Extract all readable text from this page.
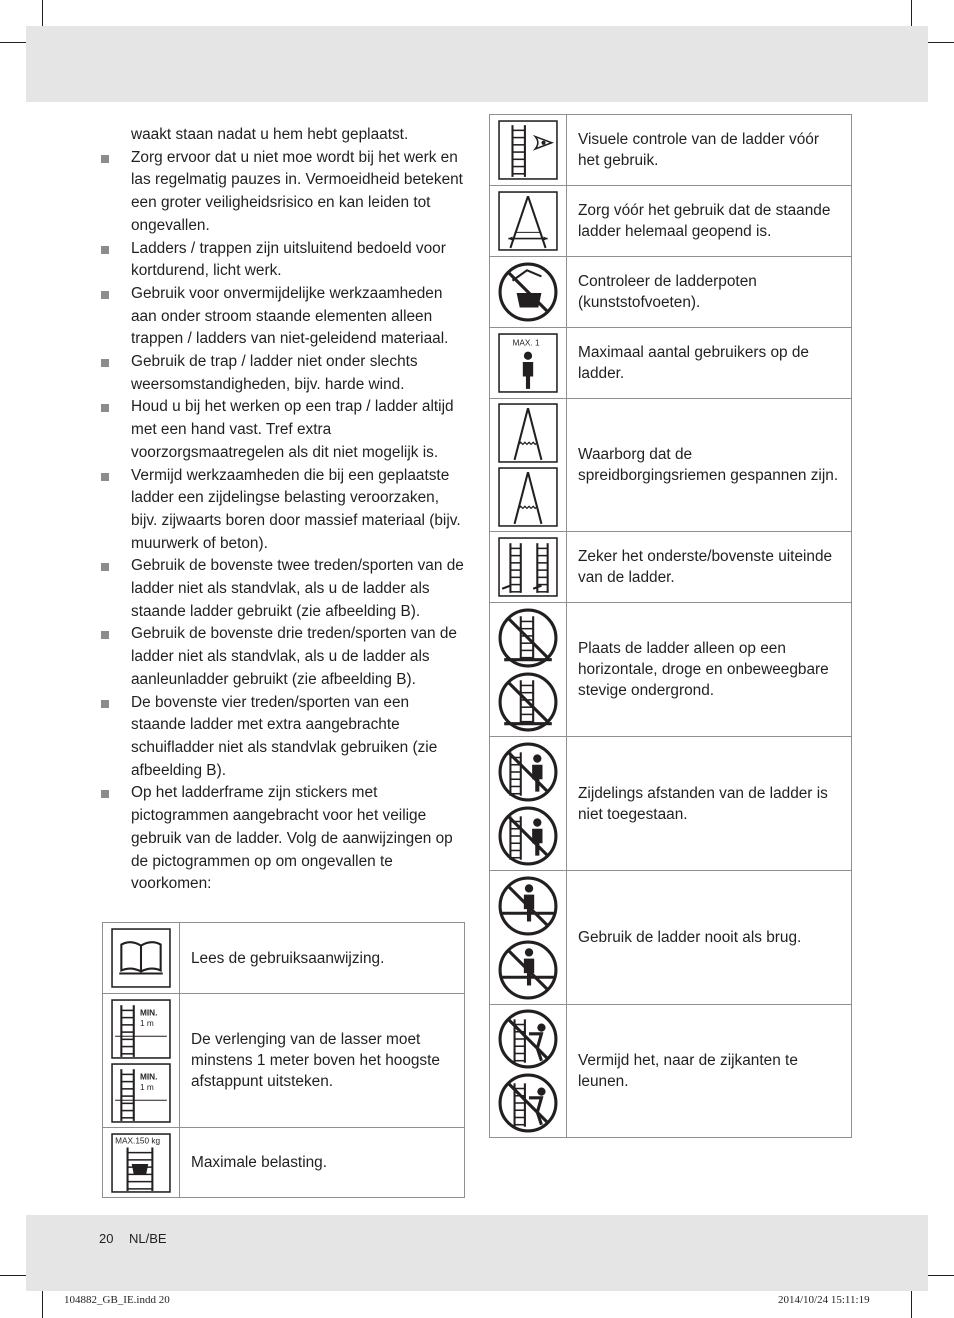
waakt staan nadat u hem hebt geplaatst.
Zorg ervoor dat u niet moe wordt bij het werk en las regelmatig pauzes in. Vermoeidheid betekent een groter veiligheidsrisico en kan leiden tot ongevallen.
Ladders / trappen zijn uitsluitend bedoeld voor kortdurend, licht werk.
Gebruik voor onvermijdelijke werkzaamheden aan onder stroom staande elementen alleen trappen / ladders van niet-geleidend materiaal.
Gebruik de trap / ladder niet onder slechts weersomstandigheden, bijv. harde wind.
Houd u bij het werken op een trap / ladder altijd met een hand vast. Tref extra voorzorgsmaatregelen als dit niet mogelijk is.
Vermijd werkzaamheden die bij een geplaatste ladder een zijdelingse belasting veroorzaken, bijv. zijwaarts boren door massief materiaal (bijv. muurwerk of beton).
Gebruik de bovenste twee treden/sporten van de ladder niet als standvlak, als u de ladder als staande ladder gebruikt (zie afbeelding B).
Gebruik de bovenste drie treden/sporten van de ladder niet als standvlak, als u de ladder als aanleunladder gebruikt (zie afbeelding B).
De bovenste vier treden/sporten van een staande ladder met extra aangebrachte schuifladder niet als standvlak gebruiken (zie afbeelding B).
Op het ladderframe zijn stickers met pictogrammen aangebracht voor het veilige gebruik van de ladder. Volg de aanwijzingen op de pictogrammen op om ongevallen te voorkomen:
	Lees de gebruiksaanwijzing.

MIN.
1 m
MIN.
1 m	De verlenging van de lasser moet minstens 1 meter boven het hoogste afstappunt uitsteken.

MAX.150 kg	Maximale belasting.
	Visuele controle van de ladder vóór het gebruik.

	Zorg vóór het gebruik dat de staande ladder helemaal geopend is.

	Controleer de ladderpoten (kunststofvoeten).

MAX. 1	Maximaal aantal gebruikers op de ladder.

	Waarborg dat de spreidborgingsriemen gespannen zijn.

	Zeker het onderste/bovenste uiteinde van de ladder.

	Plaats de ladder alleen op een horizontale, droge en onbeweegbare stevige ondergrond.

	Zijdelings afstanden van de ladder is niet toegestaan.

	Gebruik de ladder nooit als brug.

	Vermijd het, naar de zijkanten te leunen.
20 NL/BE
104882_GB_IE.indd 20	2014/10/24 15:11:19
